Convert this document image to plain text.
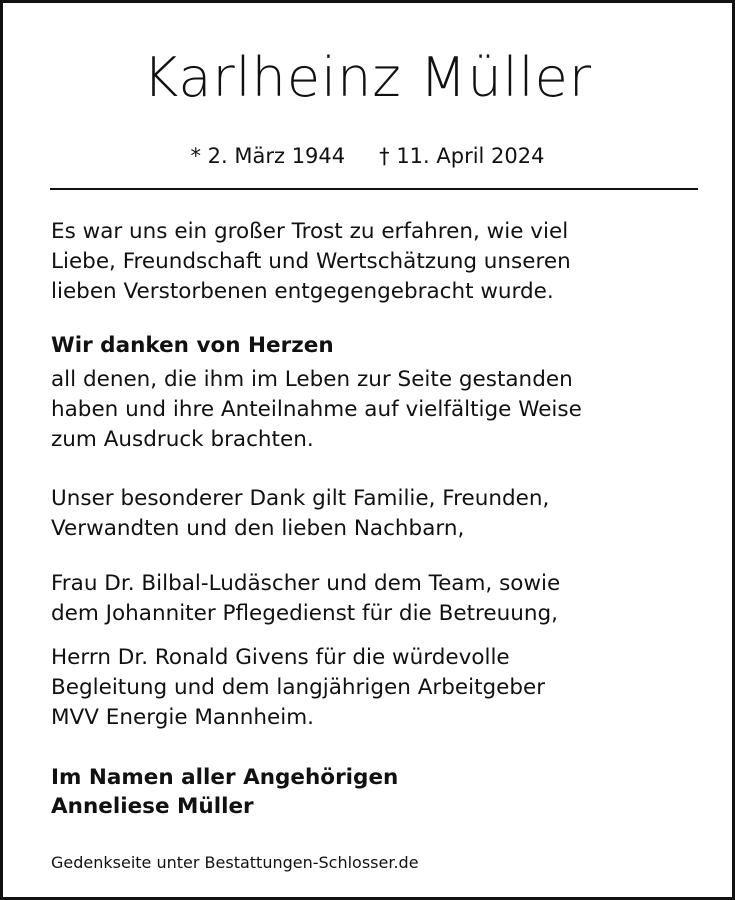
Karlheinz Müller
* 2. März 1944 † 11. April 2024
Es war uns ein großer Trost zu erfahren, wie viel
Liebe, Freundschaft und Wertschätzung unseren
lieben Verstorbenen entgegengebracht wurde.
Wir danken von Herzen
all denen, die ihm im Leben zur Seite gestanden
haben und ihre Anteilnahme auf vielfältige Weise
zum Ausdruck brachten.
Unser besonderer Dank gilt Familie, Freunden,
Verwandten und den lieben Nachbarn,
Frau Dr. Bilbal-Ludäscher und dem Team, sowie
dem Johanniter Pflegedienst für die Betreuung,
Herrn Dr. Ronald Givens für die würdevolle
Begleitung und dem langjährigen Arbeitgeber
MVV Energie Mannheim.
Im Namen aller Angehörigen
Anneliese Müller
Gedenkseite unter Bestattungen-Schlosser.de
